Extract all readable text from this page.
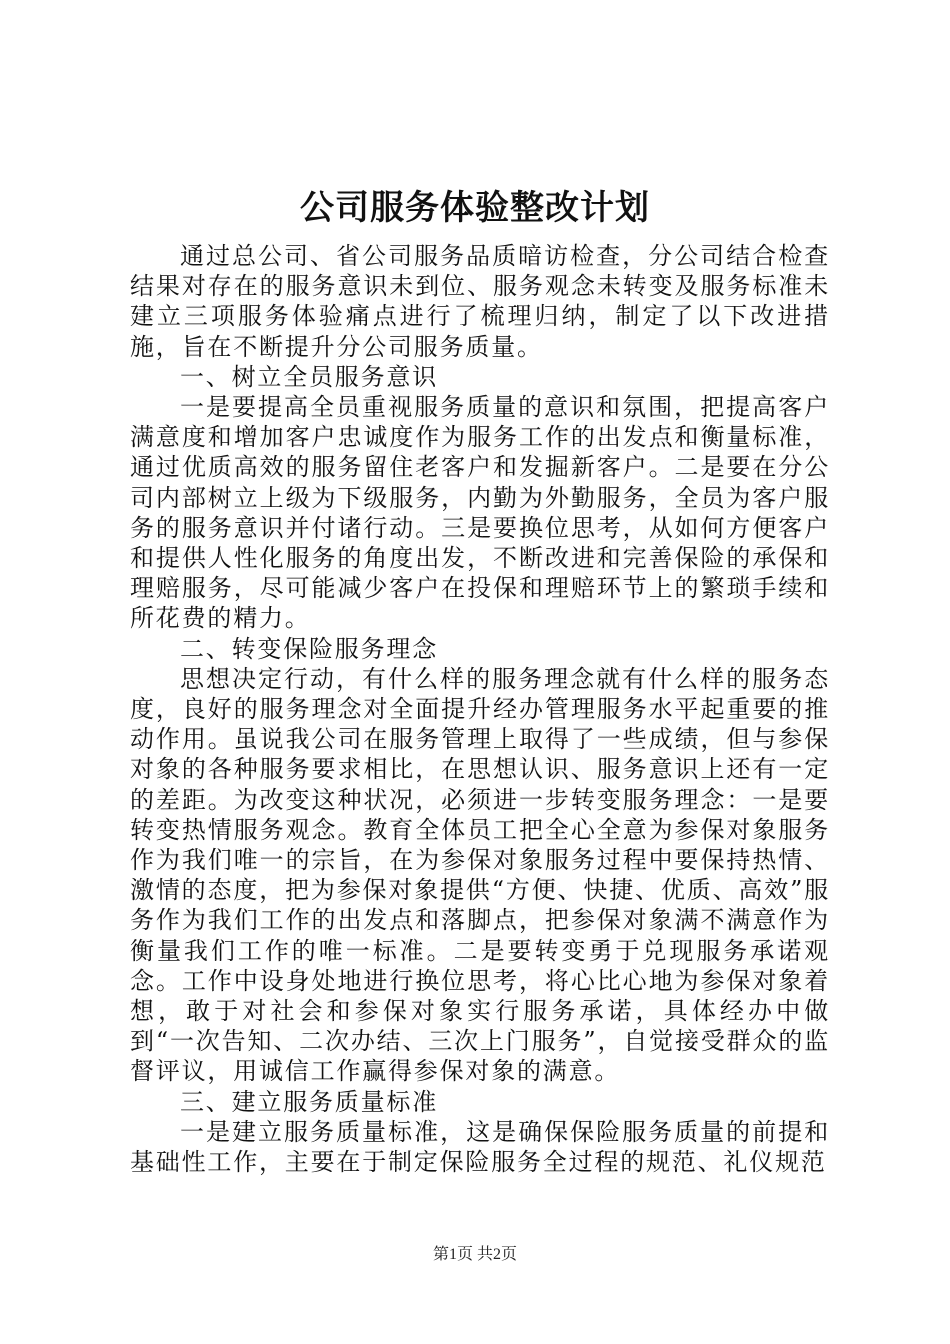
公司服务体验整改计划

通过总公司、省公司服务品质暗访检查，分公司结合检查结果对存在的服务意识未到位、服务观念未转变及服务标准未建立三项服务体验痛点进行了梳理归纳，制定了以下改进措施，旨在不断提升分公司服务质量。

一、树立全员服务意识

一是要提高全员重视服务质量的意识和氛围，把提高客户满意度和增加客户忠诚度作为服务工作的出发点和衡量标准，通过优质高效的服务留住老客户和发掘新客户。二是要在分公司内部树立上级为下级服务，内勤为外勤服务，全员为客户服务的服务意识并付诸行动。三是要换位思考，从如何方便客户和提供人性化服务的角度出发，不断改进和完善保险的承保和理赔服务，尽可能减少客户在投保和理赔环节上的繁琐手续和所花费的精力。

二、转变保险服务理念

思想决定行动，有什么样的服务理念就有什么样的服务态度，良好的服务理念对全面提升经办管理服务水平起重要的推动作用。虽说我公司在服务管理上取得了一些成绩，但与参保对象的各种服务要求相比，在思想认识、服务意识上还有一定的差距。为改变这种状况，必须进一步转变服务理念：一是要转变热情服务观念。教育全体员工把全心全意为参保对象服务作为我们唯一的宗旨，在为参保对象服务过程中要保持热情、激情的态度，把为参保对象提供“方便、快捷、优质、高效”服务作为我们工作的出发点和落脚点，把参保对象满不满意作为衡量我们工作的唯一标准。二是要转变勇于兑现服务承诺观念。工作中设身处地进行换位思考，将心比心地为参保对象着想，敢于对社会和参保对象实行服务承诺，具体经办中做到“一次告知、二次办结、三次上门服务”，自觉接受群众的监督评议，用诚信工作赢得参保对象的满意。

三、建立服务质量标准

一是建立服务质量标准，这是确保保险服务质量的前提和基础性工作，主要在于制定保险服务全过程的规范、礼仪规范

第1页 共2页
